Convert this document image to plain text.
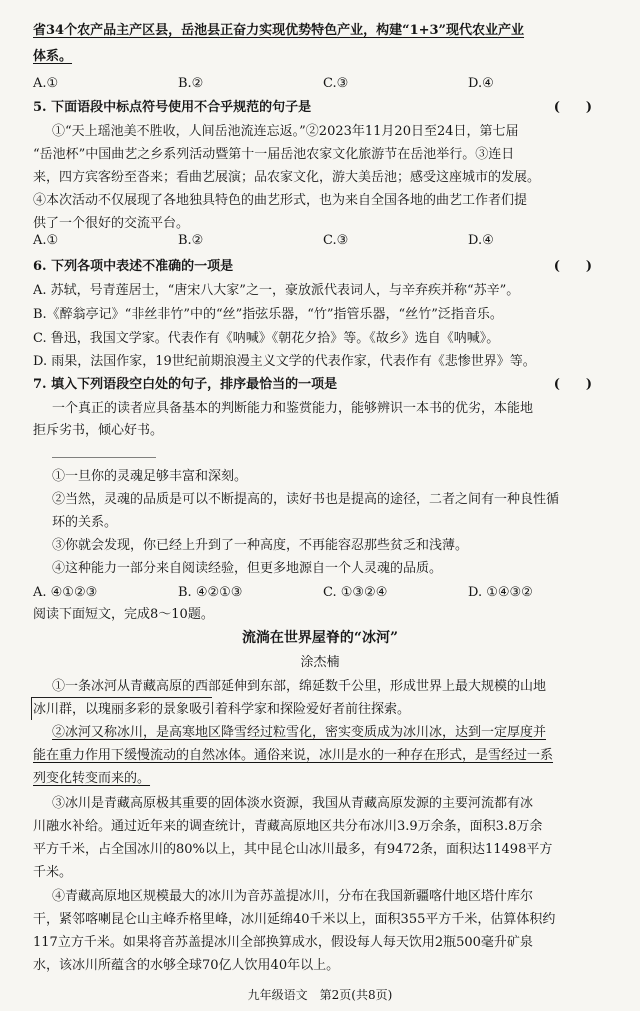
省34个农产品主产区县，岳池县正奋力实现优势特色产业，构建“1+3”现代农业产业
体系。
A.①	B.②	C.③	D.④
5. 下面语段中标点符号使用不合乎规范的句子是	(　　)
①“天上瑶池美不胜收，人间岳池流连忘返。”②2023年11月20日至24日，第七届
“岳池杯”中国曲艺之乡系列活动暨第十一届岳池农家文化旅游节在岳池举行。③连日
来，四方宾客纷至沓来；看曲艺展演；品农家文化，游大美岳池；感受这座城市的发展。
④本次活动不仅展现了各地独具特色的曲艺形式，也为来自全国各地的曲艺工作者们提
供了一个很好的交流平台。
A.①	B.②	C.③	D.④
6. 下列各项中表述不准确的一项是	(　　)
A. 苏轼，号青莲居士，“唐宋八大家”之一，豪放派代表词人，与辛弃疾并称“苏辛”。
B.《醉翁亭记》“非丝非竹”中的“丝”指弦乐器，“竹”指管乐器，“丝竹”泛指音乐。
C. 鲁迅，我国文学家。代表作有《呐喊》《朝花夕拾》等。《故乡》选自《呐喊》。
D. 雨果，法国作家，19世纪前期浪漫主义文学的代表作家，代表作有《悲惨世界》等。
7. 填入下列语段空白处的句子，排序最恰当的一项是	(　　)
一个真正的读者应具备基本的判断能力和鉴赏能力，能够辨识一本书的优劣，本能地
拒斥劣书，倾心好书。
＿＿＿＿＿＿＿＿
①一旦你的灵魂足够丰富和深刻。
②当然，灵魂的品质是可以不断提高的，读好书也是提高的途径，二者之间有一种良性循
环的关系。
③你就会发现，你已经上升到了一种高度，不再能容忍那些贫乏和浅薄。
④这种能力一部分来自阅读经验，但更多地源自一个人灵魂的品质。
A. ④①②③	B. ④②①③	C. ①③②④	D. ①④③②
阅读下面短文，完成8～10题。
流淌在世界屋脊的“冰河”
涂杰楠
①一条冰河从青藏高原的西部延伸到东部，绵延数千公里，形成世界上最大规模的山地
冰川群，以瑰丽多彩的景象吸引着科学家和探险爱好者前往探索。
②冰河又称冰川，是高寒地区降雪经过粒雪化，密实变质成为冰川冰，达到一定厚度并
能在重力作用下缓慢流动的自然冰体。通俗来说，冰川是水的一种存在形式，是雪经过一系
列变化转变而来的。
③冰川是青藏高原极其重要的固体淡水资源，我国从青藏高原发源的主要河流都有冰
川融水补给。通过近年来的调查统计，青藏高原地区共分布冰川3.9万余条，面积3.8万余
平方千米，占全国冰川的80%以上，其中昆仑山冰川最多，有9472条，面积达11498平方
千米。
④青藏高原地区规模最大的冰川为音苏盖提冰川，分布在我国新疆喀什地区塔什库尔
干，紧邻喀喇昆仑山主峰乔格里峰，冰川延绵40千米以上，面积355平方千米，估算体积约
117立方千米。如果将音苏盖提冰川全部换算成水，假设每人每天饮用2瓶500毫升矿泉
水，该冰川所蕴含的水够全球70亿人饮用40年以上。
九年级语文　第2页(共8页)
